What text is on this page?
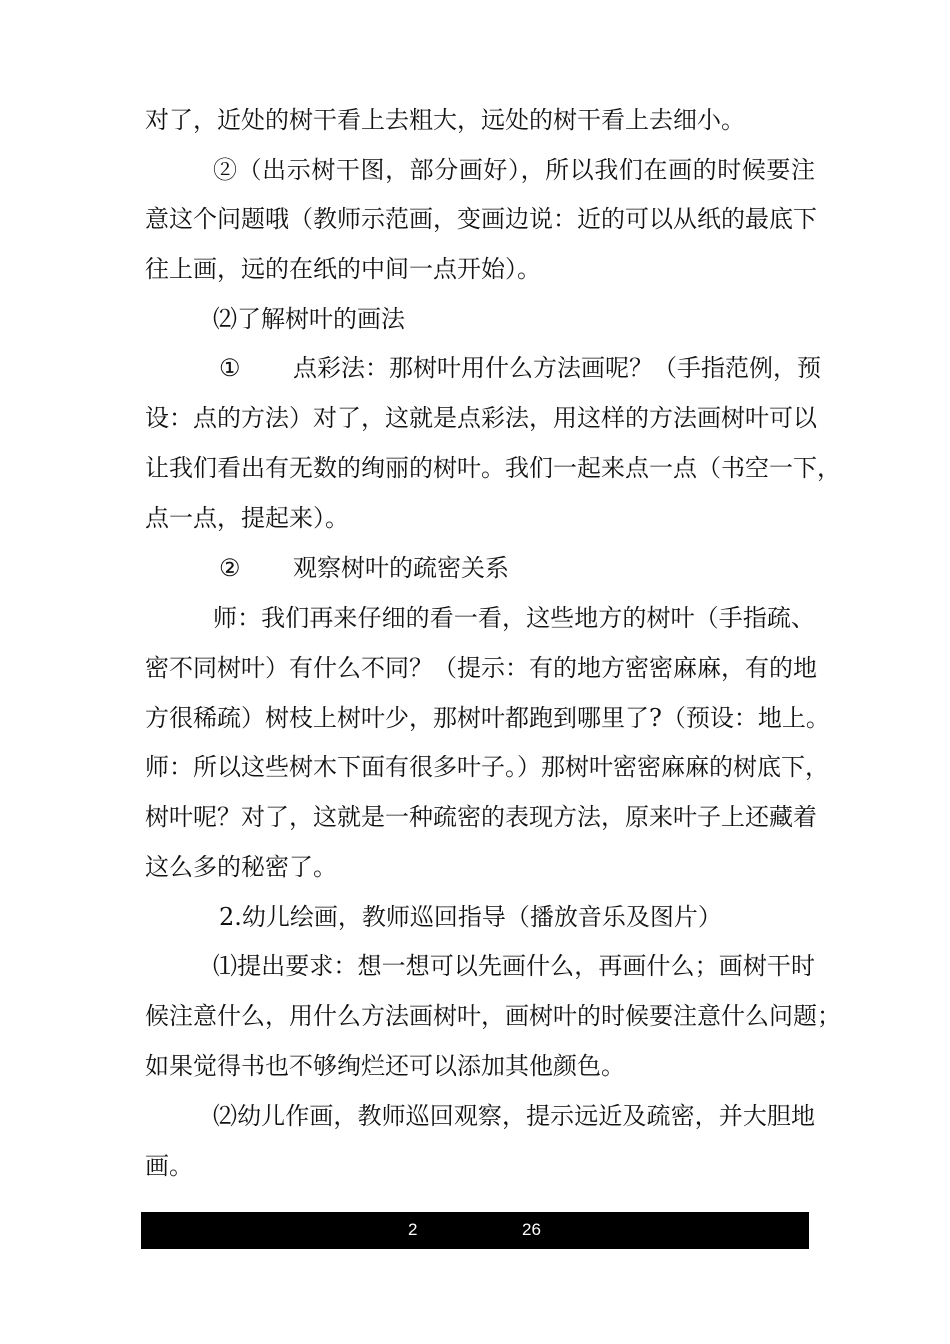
对了，近处的树干看上去粗大，远处的树干看上去细小。

②（出示树干图，部分画好），所以我们在画的时候要注

意这个问题哦（教师示范画，变画边说：近的可以从纸的最底下

往上画，远的在纸的中间一点开始）。

⑵了解树叶的画法

① 点彩法：那树叶用什么方法画呢？（手指范例，预

设：点的方法）对了，这就是点彩法，用这样的方法画树叶可以

让我们看出有无数的绚丽的树叶。我们一起来点一点（书空一下，

点一点，提起来）。

② 观察树叶的疏密关系

师：我们再来仔细的看一看，这些地方的树叶（手指疏、

密不同树叶）有什么不同？（提示：有的地方密密麻麻，有的地

方很稀疏）树枝上树叶少，那树叶都跑到哪里了?（预设：地上。

师：所以这些树木下面有很多叶子。）那树叶密密麻麻的树底下，

树叶呢？对了，这就是一种疏密的表现方法，原来叶子上还藏着

这么多的秘密了。

2.幼儿绘画，教师巡回指导（播放音乐及图片）

⑴提出要求：想一想可以先画什么，再画什么；画树干时

候注意什么，用什么方法画树叶，画树叶的时候要注意什么问题；

如果觉得书也不够绚烂还可以添加其他颜色。

⑵幼儿作画，教师巡回观察，提示远近及疏密，并大胆地

画。

2	26
